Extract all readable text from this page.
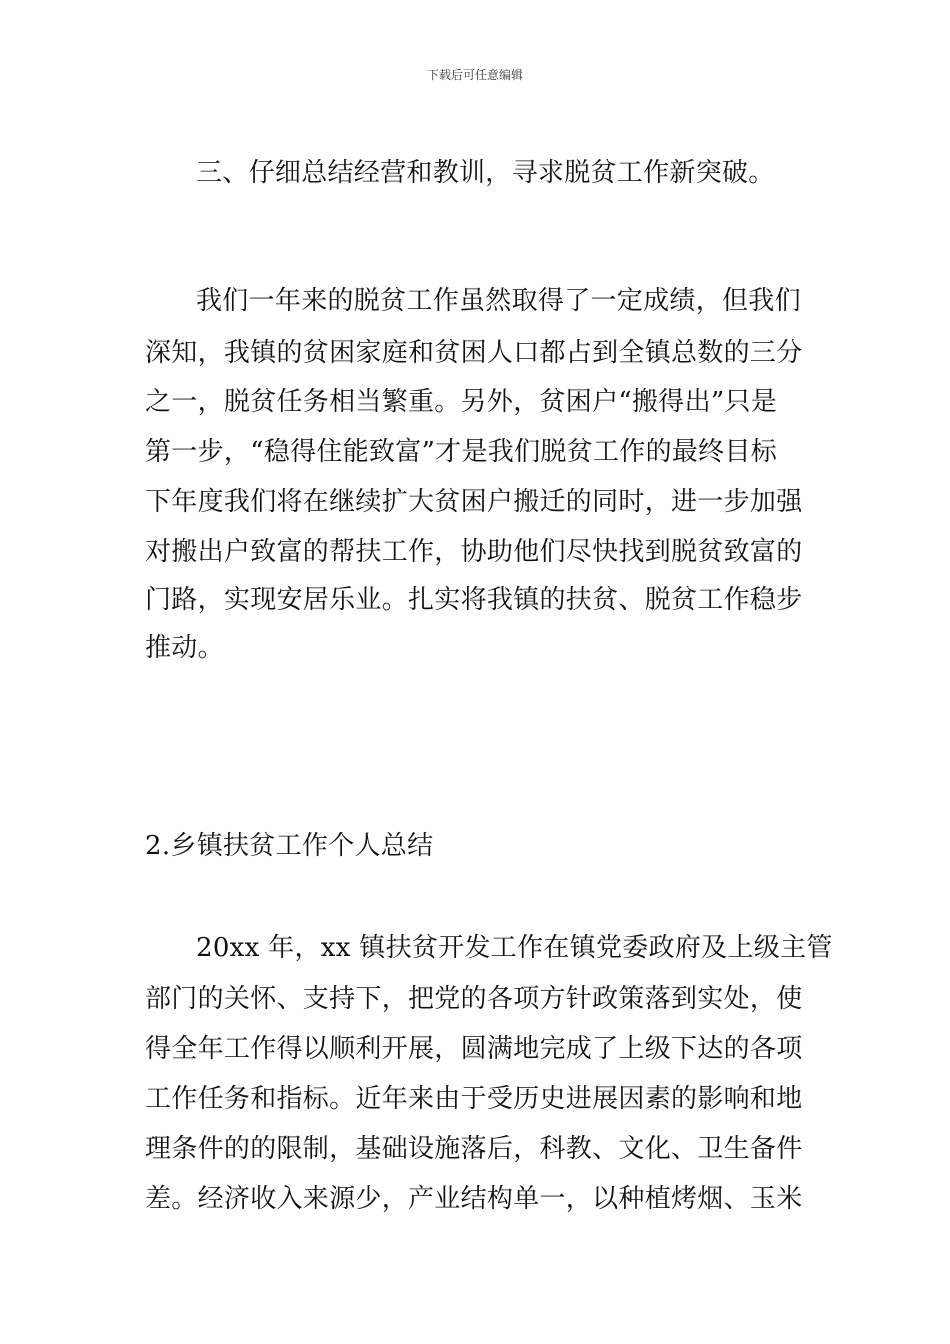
下载后可任意编辑
三、仔细总结经营和教训，寻求脱贫工作新突破。
我们一年来的脱贫工作虽然取得了一定成绩，但我们
深知，我镇的贫困家庭和贫困人口都占到全镇总数的三分
之一，脱贫任务相当繁重。另外，贫困户“搬得出”只是
第一步，“稳得住能致富”才是我们脱贫工作的最终目标
下年度我们将在继续扩大贫困户搬迁的同时，进一步加强
对搬出户致富的帮扶工作，协助他们尽快找到脱贫致富的
门路，实现安居乐业。扎实将我镇的扶贫、脱贫工作稳步
推动。
2.乡镇扶贫工作个人总结
20xx 年，xx 镇扶贫开发工作在镇党委政府及上级主管
部门的关怀、支持下，把党的各项方针政策落到实处，使
得全年工作得以顺利开展，圆满地完成了上级下达的各项
工作任务和指标。近年来由于受历史进展因素的影响和地
理条件的的限制，基础设施落后，科教、文化、卫生备件
差。经济收入来源少，产业结构单一，以种植烤烟、玉米
